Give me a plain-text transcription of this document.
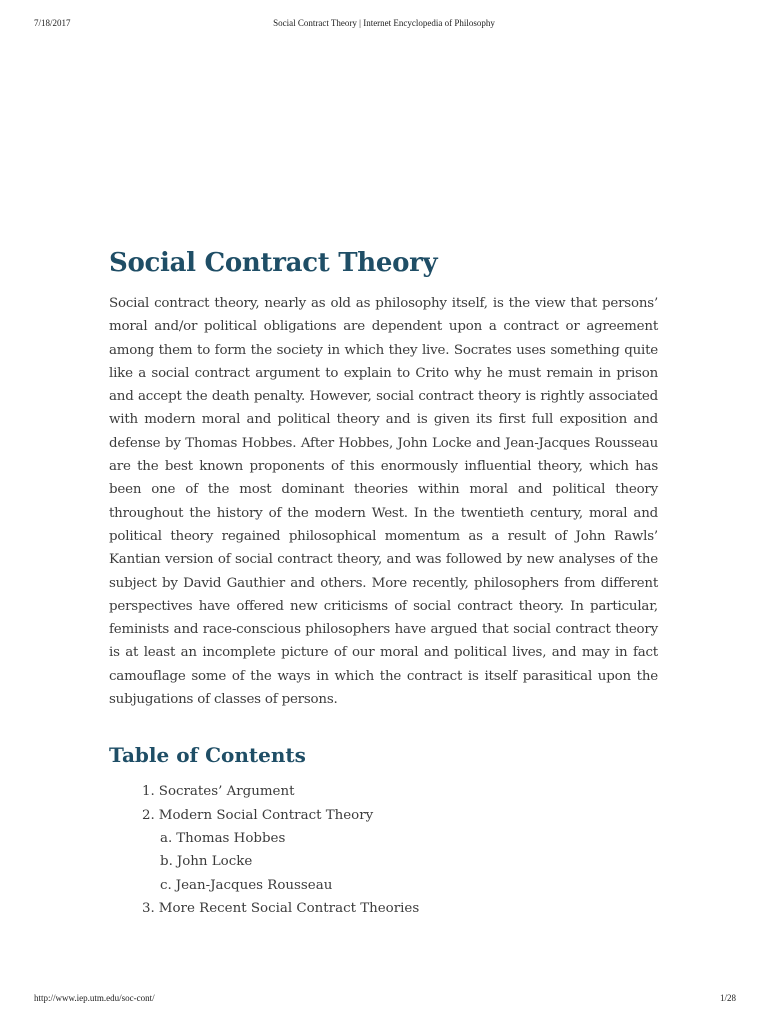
7/18/2017	Social Contract Theory | Internet Encyclopedia of Philosophy
Social Contract Theory

Social contract theory, nearly as old as philosophy itself, is the view that persons’ moral and/or political obligations are dependent upon a contract or agreement among them to form the society in which they live. Socrates uses something quite like a social contract argument to explain to Crito why he must remain in prison and accept the death penalty. However, social contract theory is rightly associated with modern moral and political theory and is given its first full exposition and defense by Thomas Hobbes. After Hobbes, John Locke and Jean-Jacques Rousseau are the best known proponents of this enormously influential theory, which has been one of the most dominant theories within moral and political theory throughout the history of the modern West. In the twentieth century, moral and political theory regained philosophical momentum as a result of John Rawls’ Kantian version of social contract theory, and was followed by new analyses of the subject by David Gauthier and others. More recently, philosophers from different perspectives have offered new criticisms of social contract theory. In particular, feminists and race-conscious philosophers have argued that social contract theory is at least an incomplete picture of our moral and political lives, and may in fact camouflage some of the ways in which the contract is itself parasitical upon the subjugations of classes of persons.

Table of Contents
1. Socrates’ Argument
2. Modern Social Contract Theory
a. Thomas Hobbes
b. John Locke
c. Jean-Jacques Rousseau
3. More Recent Social Contract Theories
http://www.iep.utm.edu/soc-cont/	1/28
